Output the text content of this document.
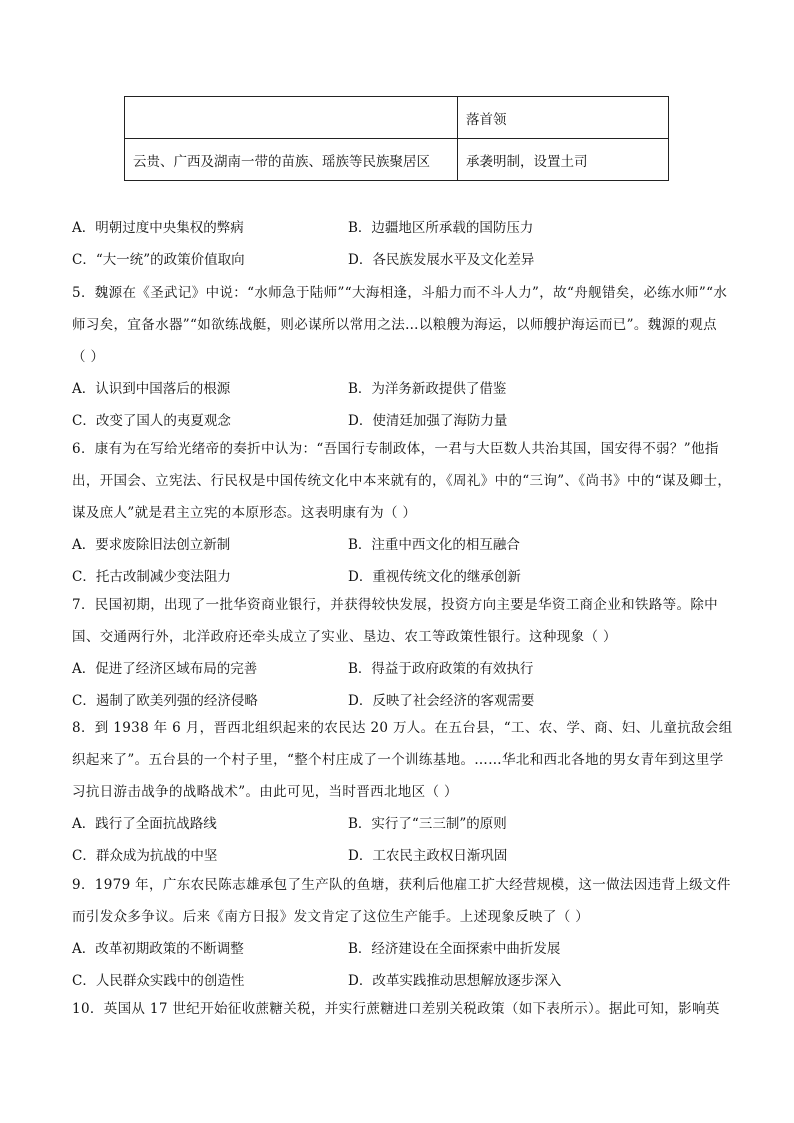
	落首领
云贵、广西及湖南一带的苗族、瑶族等民族聚居区	承袭明制，设置土司
A．明朝过度中央集权的弊病	B．边疆地区所承载的国防压力
C．“大一统”的政策价值取向	D．各民族发展水平及文化差异
5．魏源在《圣武记》中说：“水师急于陆师”“大海相逢，斗船力而不斗人力”，故“舟舰错矣，必练水师”“水
师习矣，宜备水器”“如欲练战艇，则必谋所以常用之法…以粮艘为海运，以师艘护海运而已”。魏源的观点
（ ）
A．认识到中国落后的根源	B．为洋务新政提供了借鉴
C．改变了国人的夷夏观念	D．使清廷加强了海防力量
6．康有为在写给光绪帝的奏折中认为：“吾国行专制政体，一君与大臣数人共治其国，国安得不弱？”他指
出，开国会、立宪法、行民权是中国传统文化中本来就有的，《周礼》中的“三询”、《尚书》中的“谋及卿士，
谋及庶人”就是君主立宪的本原形态。这表明康有为（ ）
A．要求废除旧法创立新制	B．注重中西文化的相互融合
C．托古改制减少变法阻力	D．重视传统文化的继承创新
7．民国初期，出现了一批华资商业银行，并获得较快发展，投资方向主要是华资工商企业和铁路等。除中
国、交通两行外，北洋政府还牵头成立了实业、垦边、农工等政策性银行。这种现象（ ）
A．促进了经济区域布局的完善	B．得益于政府政策的有效执行
C．遏制了欧美列强的经济侵略	D．反映了社会经济的客观需要
8．到 1938 年 6 月，晋西北组织起来的农民达 20 万人。在五台县，“工、农、学、商、妇、儿童抗敌会组
织起来了”。五台县的一个村子里，“整个村庄成了一个训练基地。……华北和西北各地的男女青年到这里学
习抗日游击战争的战略战术”。由此可见，当时晋西北地区（ ）
A．践行了全面抗战路线	B．实行了“三三制”的原则
C．群众成为抗战的中坚	D．工农民主政权日渐巩固
9．1979 年，广东农民陈志雄承包了生产队的鱼塘，获利后他雇工扩大经营规模，这一做法因违背上级文件
而引发众多争议。后来《南方日报》发文肯定了这位生产能手。上述现象反映了（ ）
A．改革初期政策的不断调整	B．经济建设在全面探索中曲折发展
C．人民群众实践中的创造性	D．改革实践推动思想解放逐步深入
10．英国从 17 世纪开始征收蔗糖关税，并实行蔗糖进口差别关税政策（如下表所示）。据此可知，影响英
